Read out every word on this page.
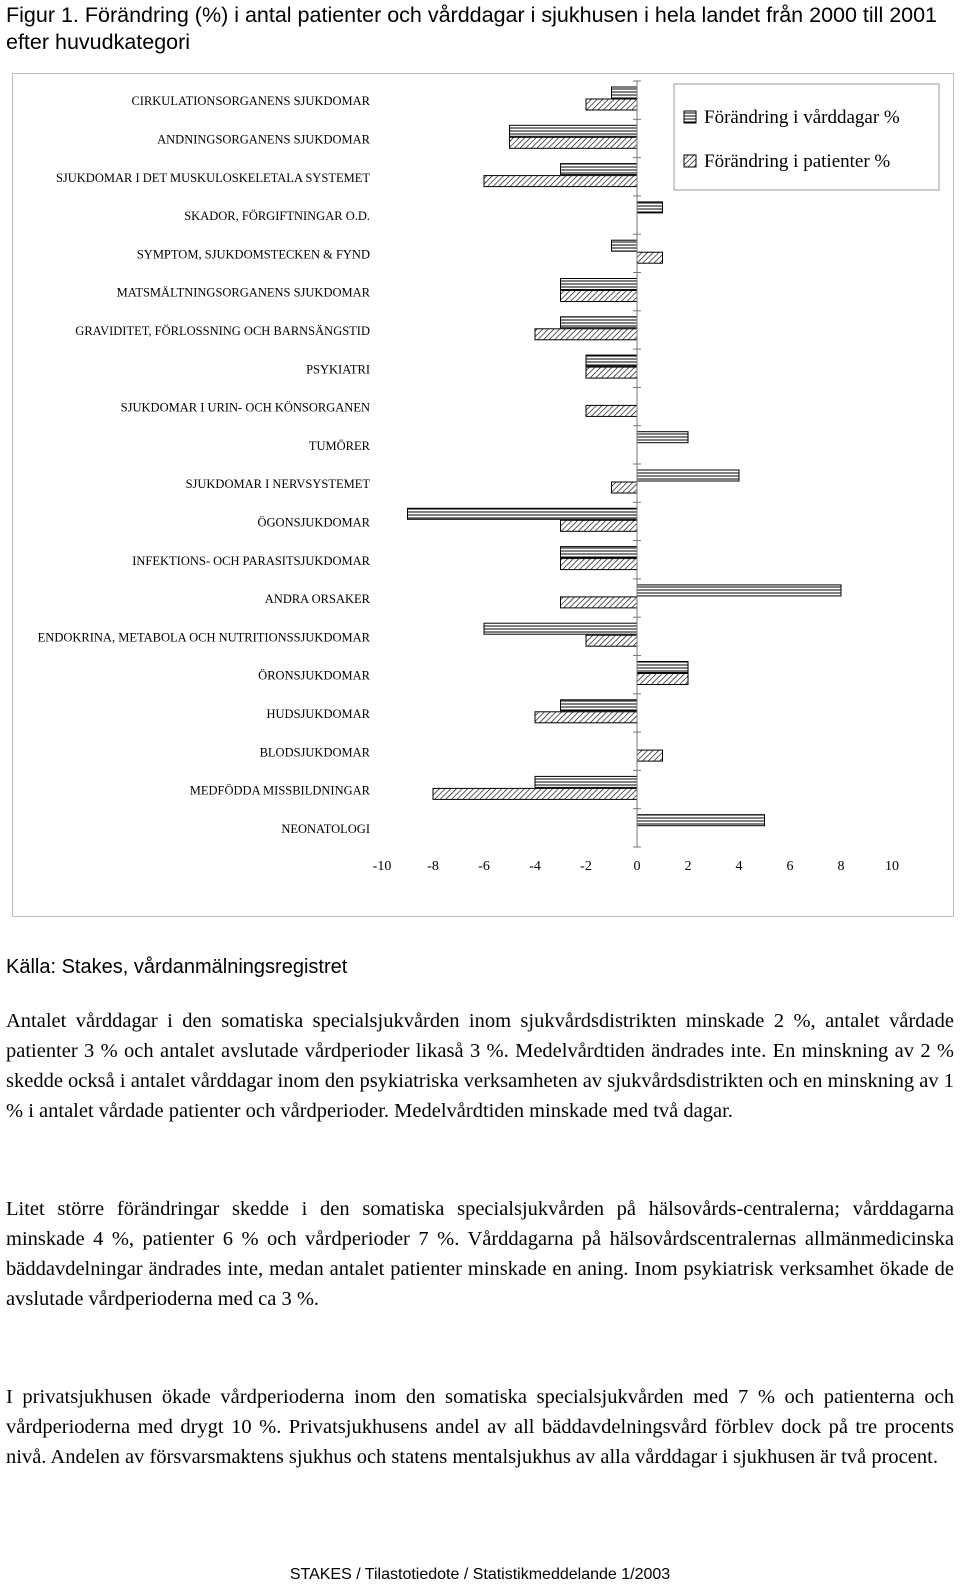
Figur 1. Förändring (%) i antal patienter och vårddagar i sjukhusen i hela landet från 2000 till 2001 efter huvudkategori
CIRKULATIONSORGANENS SJUKDOMAR
ANDNINGSORGANENS SJUKDOMAR
SJUKDOMAR I DET MUSKULOSKELETALA SYSTEMET
SKADOR, FÖRGIFTNINGAR O.D.
SYMPTOM, SJUKDOMSTECKEN & FYND
MATSMÄLTNINGSORGANENS SJUKDOMAR
GRAVIDITET, FÖRLOSSNING OCH BARNSÄNGSTID
PSYKIATRI
SJUKDOMAR I URIN- OCH KÖNSORGANEN
TUMÖRER
SJUKDOMAR I NERVSYSTEMET
ÖGONSJUKDOMAR
INFEKTIONS- OCH PARASITSJUKDOMAR
ANDRA ORSAKER
ENDOKRINA, METABOLA OCH NUTRITIONSSJUKDOMAR
ÖRONSJUKDOMAR
HUDSJUKDOMAR
BLODSJUKDOMAR
MEDFÖDDA MISSBILDNINGAR
NEONATOLOGI
-10	-8	-6	-4	-2	0	2	4	6	8	10
Förändring i vårddagar %
Förändring i patienter %
Källa: Stakes, vårdanmälningsregistret

Antalet vårddagar i den somatiska specialsjukvården inom sjukvårdsdistrikten minskade 2 %, antalet vårdade patienter 3 % och antalet avslutade vårdperioder likaså 3 %. Medelvårdtiden ändrades inte. En minskning av 2 % skedde också i antalet vårddagar inom den psykiatriska verksamheten av sjukvårdsdistrikten och en minskning av 1 % i antalet vårdade patienter och vårdperioder. Medelvårdtiden minskade med två dagar.

Litet större förändringar skedde i den somatiska specialsjukvården på hälsovårds-centralerna; vårddagarna minskade 4 %, patienter 6 % och vårdperioder 7 %. Vårddagarna på hälsovårdscentralernas allmänmedicinska bäddavdelningar ändrades inte, medan antalet patienter minskade en aning. Inom psykiatrisk verksamhet ökade de avslutade vårdperioderna med ca 3 %.

I privatsjukhusen ökade vårdperioderna inom den somatiska specialsjukvården med 7 % och patienterna och vårdperioderna med drygt 10 %. Privatsjukhusens andel av all bäddavdelningsvård förblev dock på tre procents nivå. Andelen av försvarsmaktens sjukhus och statens mentalsjukhus av alla vårddagar i sjukhusen är två procent.

STAKES / Tilastotiedote / Statistikmeddelande 1/2003
